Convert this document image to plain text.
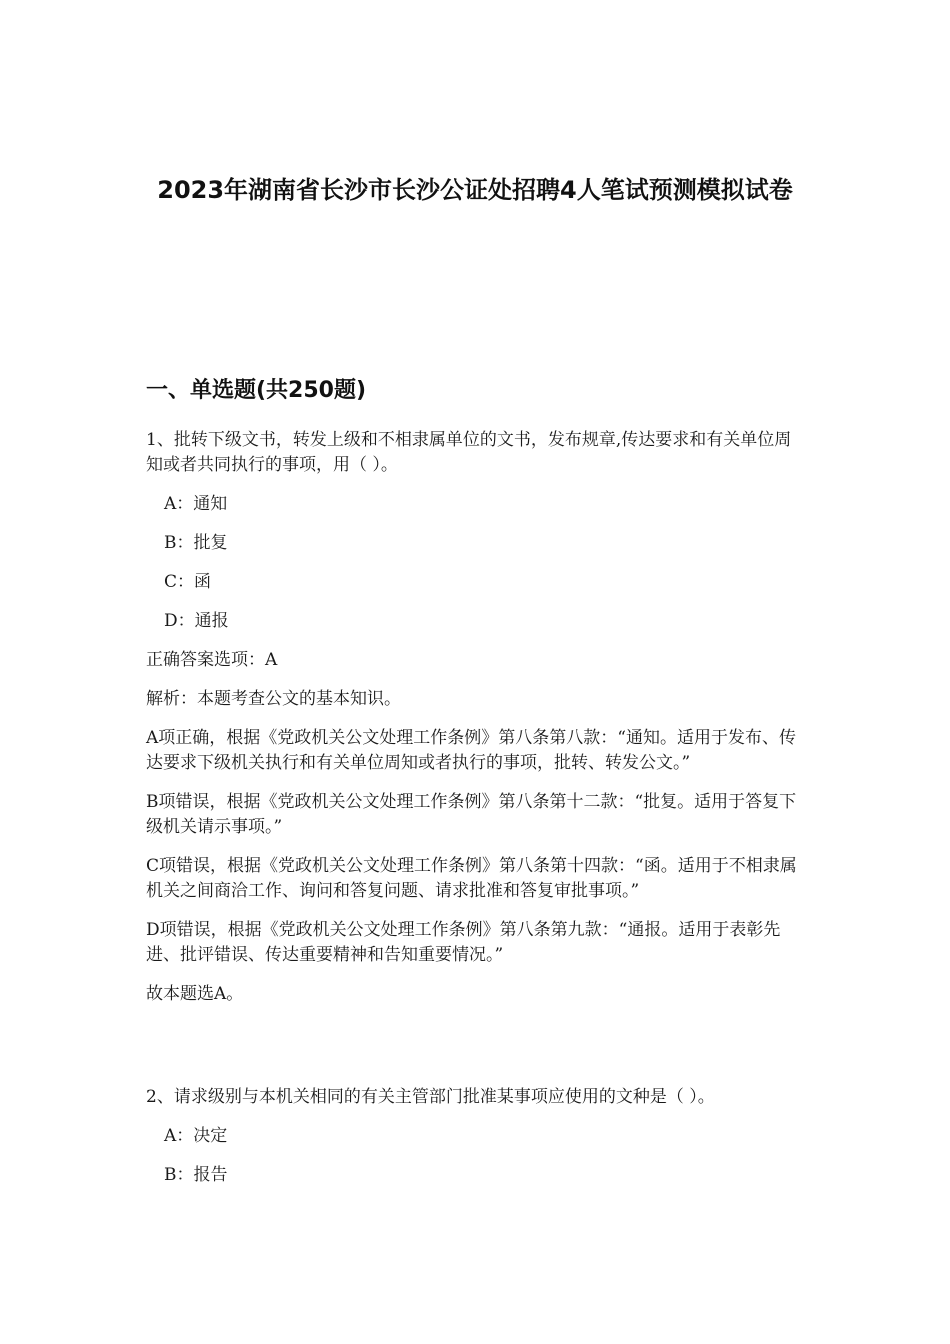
2023年湖南省长沙市长沙公证处招聘4人笔试预测模拟试卷
一、单选题(共250题)

1、批转下级文书，转发上级和不相隶属单位的文书，发布规章,传达要求和有关单位周知或者共同执行的事项，用（ ）。

A：通知

B：批复

C：函

D：通报

正确答案选项：A

解析：本题考查公文的基本知识。

A项正确，根据《党政机关公文处理工作条例》第八条第八款：“通知。适用于发布、传达要求下级机关执行和有关单位周知或者执行的事项，批转、转发公文。”

B项错误，根据《党政机关公文处理工作条例》第八条第十二款：“批复。适用于答复下级机关请示事项。”

C项错误，根据《党政机关公文处理工作条例》第八条第十四款：“函。适用于不相隶属机关之间商洽工作、询问和答复问题、请求批准和答复审批事项。”

D项错误，根据《党政机关公文处理工作条例》第八条第九款：“通报。适用于表彰先进、批评错误、传达重要精神和告知重要情况。”

故本题选A。

2、请求级别与本机关相同的有关主管部门批准某事项应使用的文种是（ ）。

A：决定

B：报告
